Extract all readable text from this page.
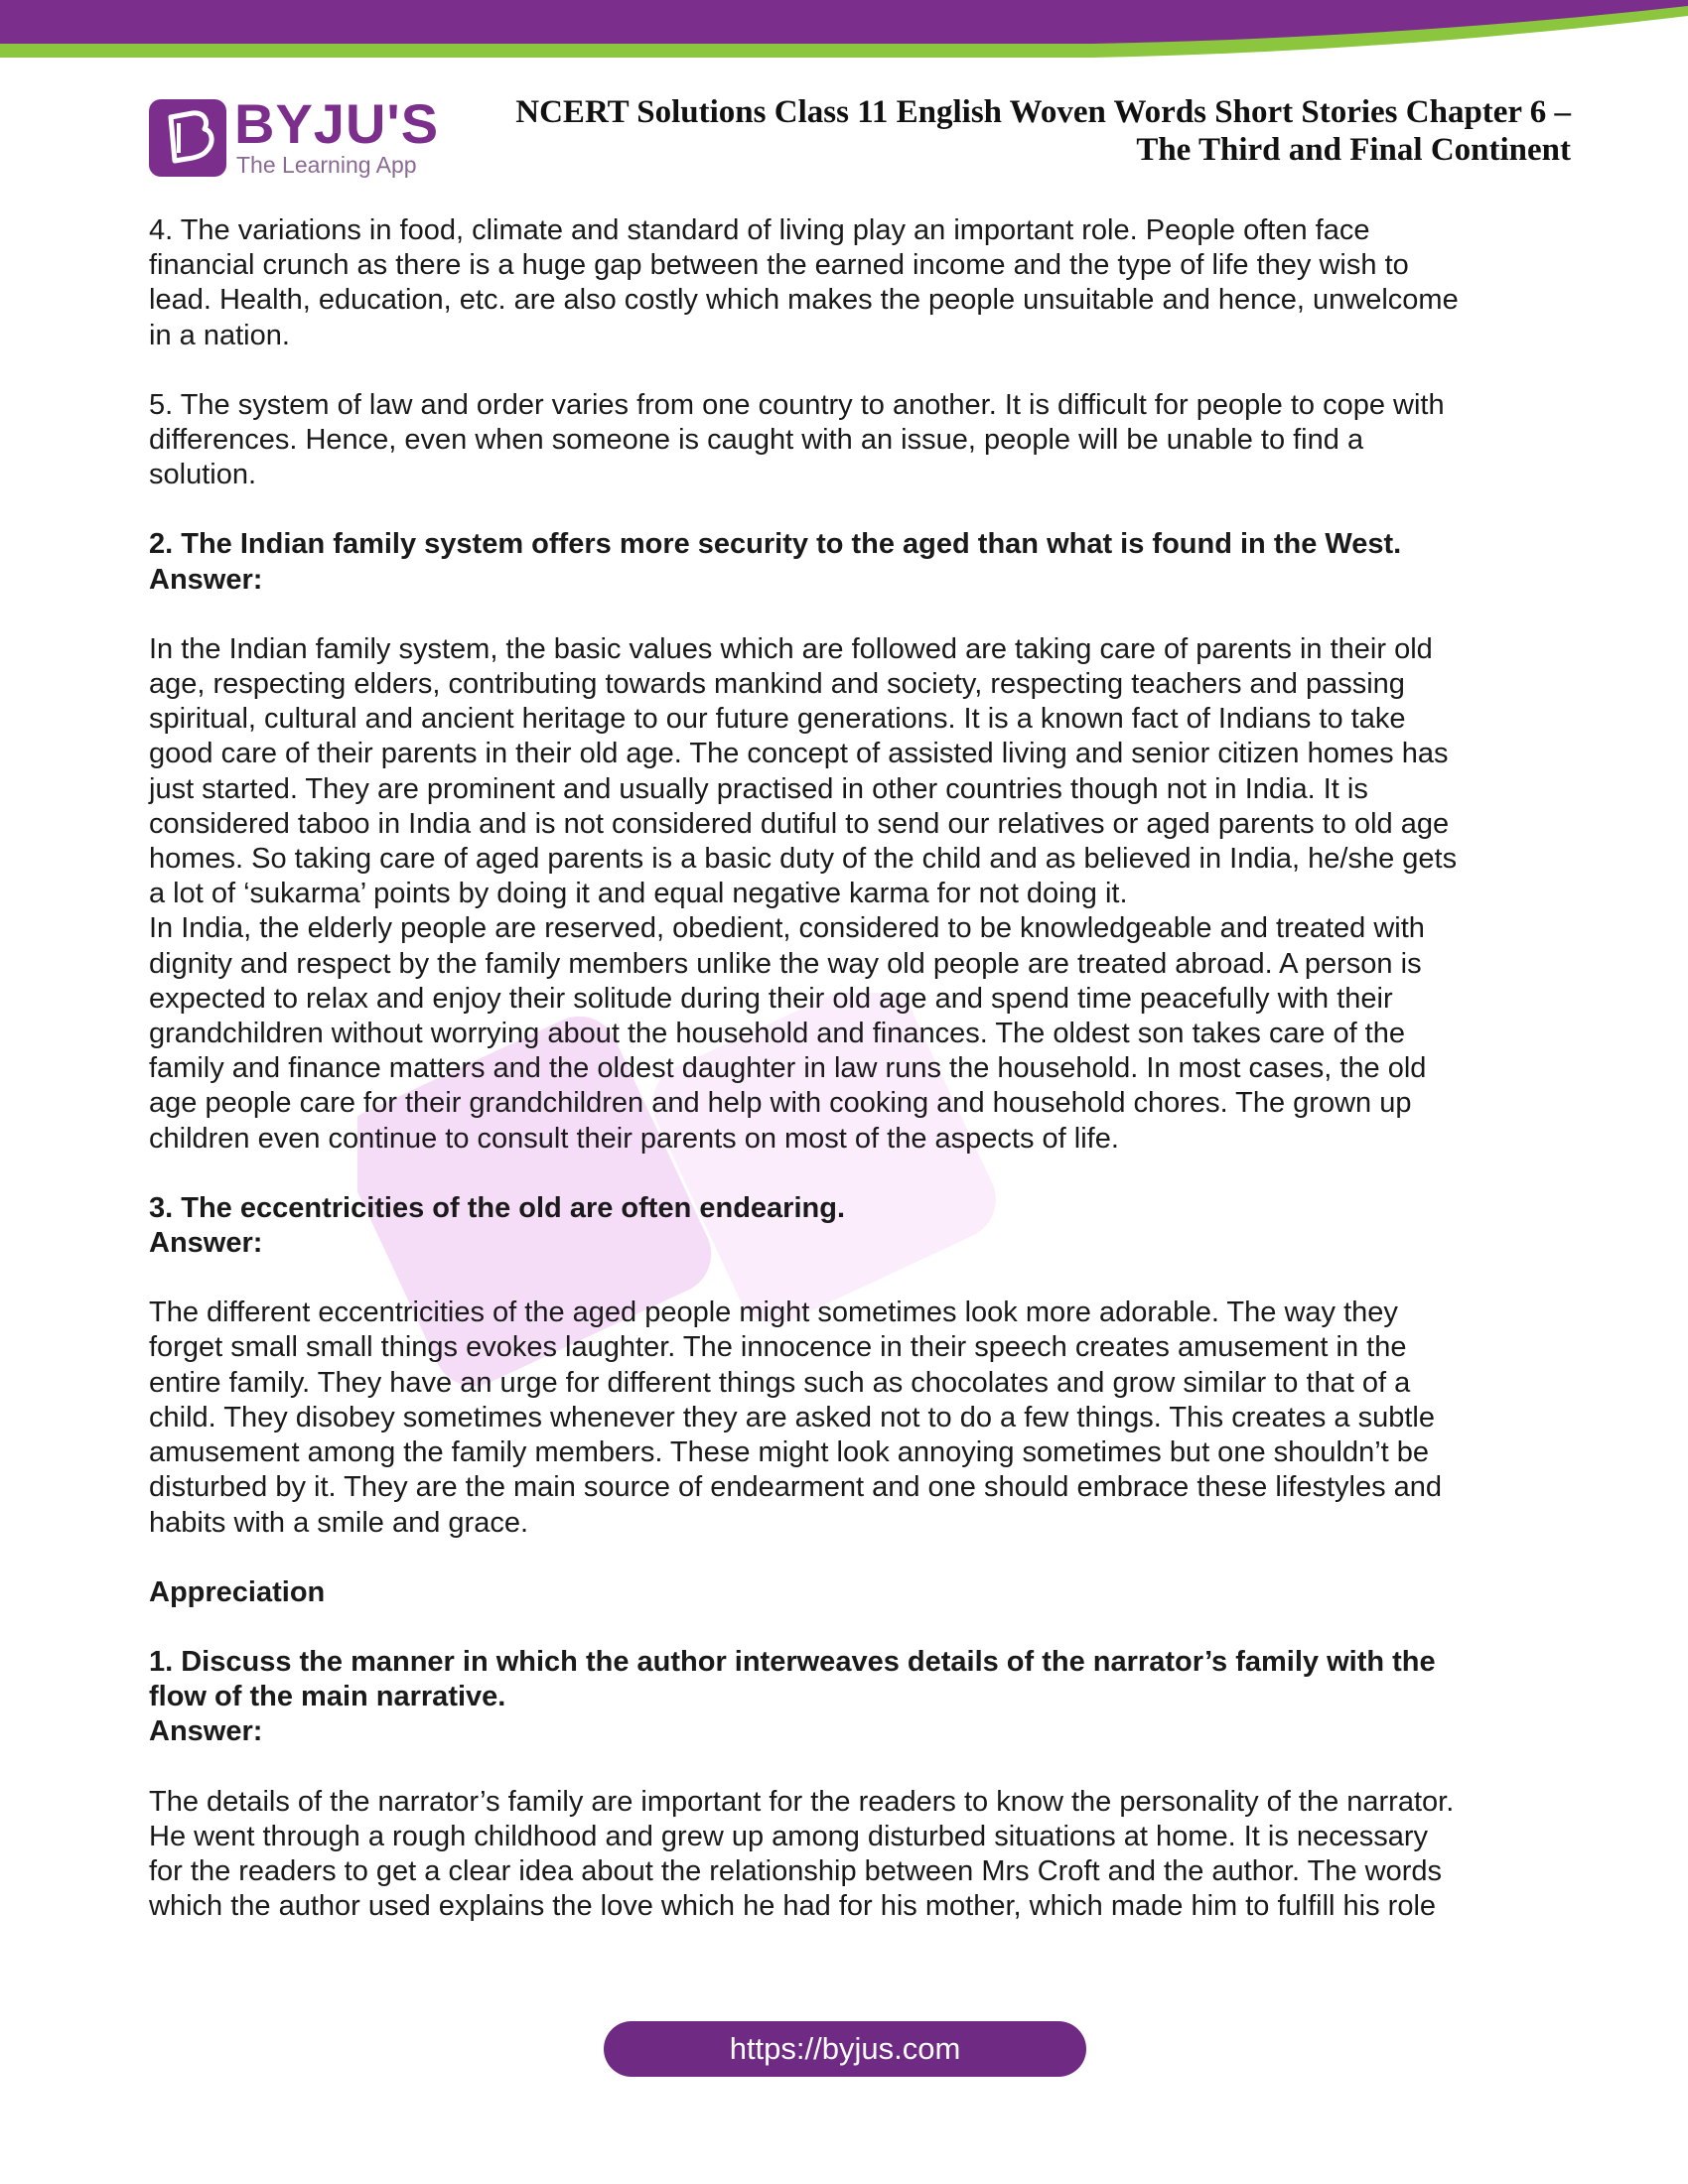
BYJU'S
The Learning App
NCERT Solutions Class 11 English Woven Words Short Stories Chapter 6 –
The Third and Final Continent

4. The variations in food, climate and standard of living play an important role. People often face
financial crunch as there is a huge gap between the earned income and the type of life they wish to
lead. Health, education, etc. are also costly which makes the people unsuitable and hence, unwelcome
in a nation.

5. The system of law and order varies from one country to another. It is difficult for people to cope with
differences. Hence, even when someone is caught with an issue, people will be unable to find a
solution.

2. The Indian family system offers more security to the aged than what is found in the West.

Answer:

In the Indian family system, the basic values which are followed are taking care of parents in their old
age, respecting elders, contributing towards mankind and society, respecting teachers and passing
spiritual, cultural and ancient heritage to our future generations. It is a known fact of Indians to take
good care of their parents in their old age. The concept of assisted living and senior citizen homes has
just started. They are prominent and usually practised in other countries though not in India. It is
considered taboo in India and is not considered dutiful to send our relatives or aged parents to old age
homes. So taking care of aged parents is a basic duty of the child and as believed in India, he/she gets
a lot of ‘sukarma’ points by doing it and equal negative karma for not doing it.

In India, the elderly people are reserved, obedient, considered to be knowledgeable and treated with
dignity and respect by the family members unlike the way old people are treated abroad. A person is
expected to relax and enjoy their solitude during their old age and spend time peacefully with their
grandchildren without worrying about the household and finances. The oldest son takes care of the
family and finance matters and the oldest daughter in law runs the household. In most cases, the old
age people care for their grandchildren and help with cooking and household chores. The grown up
children even continue to consult their parents on most of the aspects of life.

3. The eccentricities of the old are often endearing.

Answer:

The different eccentricities of the aged people might sometimes look more adorable. The way they
forget small small things evokes laughter. The innocence in their speech creates amusement in the
entire family. They have an urge for different things such as chocolates and grow similar to that of a
child. They disobey sometimes whenever they are asked not to do a few things. This creates a subtle
amusement among the family members. These might look annoying sometimes but one shouldn’t be
disturbed by it. They are the main source of endearment and one should embrace these lifestyles and
habits with a smile and grace.

Appreciation

1. Discuss the manner in which the author interweaves details of the narrator’s family with the
flow of the main narrative.

Answer:

The details of the narrator’s family are important for the readers to know the personality of the narrator.
He went through a rough childhood and grew up among disturbed situations at home. It is necessary
for the readers to get a clear idea about the relationship between Mrs Croft and the author. The words
which the author used explains the love which he had for his mother, which made him to fulfill his role

https://byjus.com
